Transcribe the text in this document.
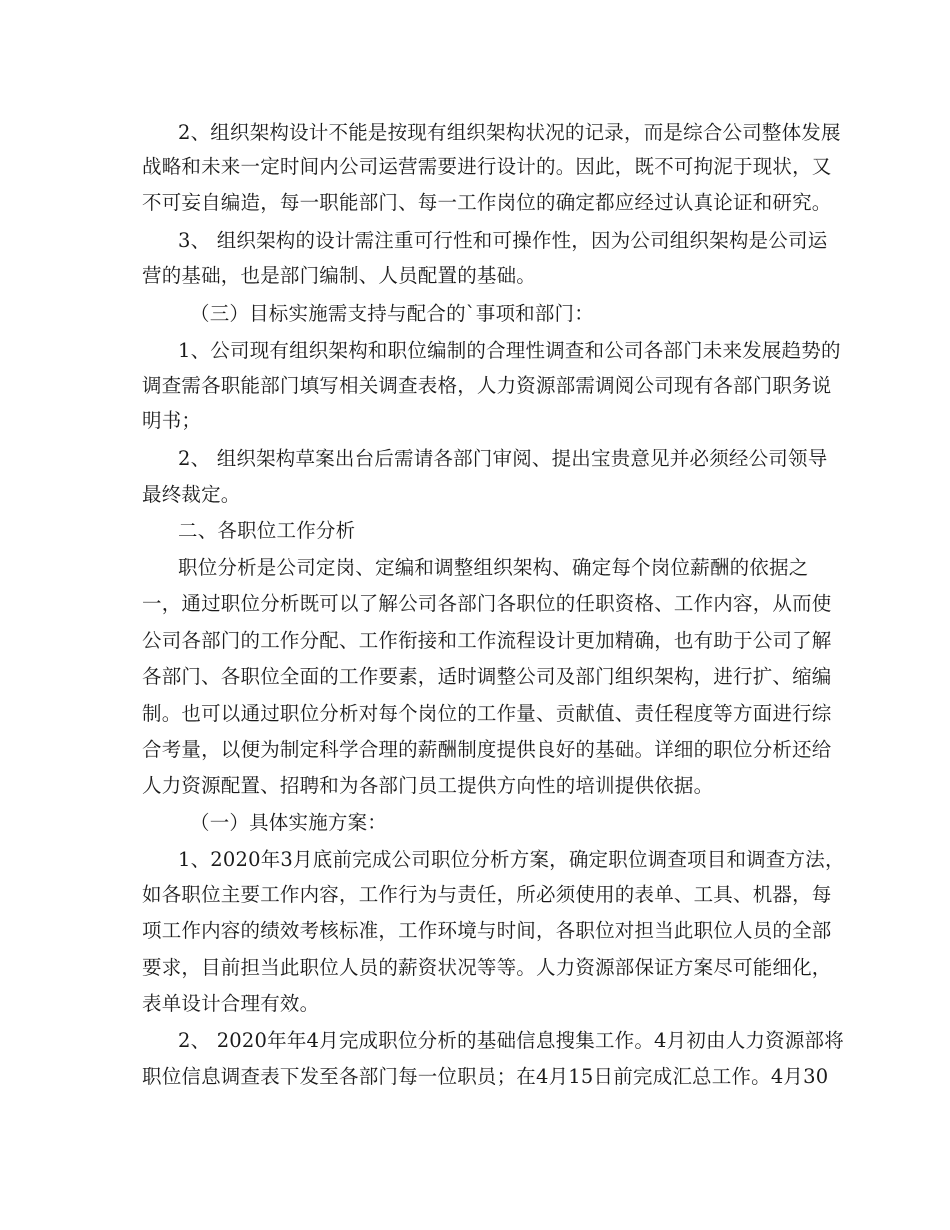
2、组织架构设计不能是按现有组织架构状况的记录，而是综合公司整体发展
战略和未来一定时间内公司运营需要进行设计的。因此，既不可拘泥于现状，又
不可妄自编造，每一职能部门、每一工作岗位的确定都应经过认真论证和研究。
3、 组织架构的设计需注重可行性和可操作性，因为公司组织架构是公司运
营的基础，也是部门编制、人员配置的基础。
（三）目标实施需支持与配合的`事项和部门：
1、公司现有组织架构和职位编制的合理性调查和公司各部门未来发展趋势的
调查需各职能部门填写相关调查表格，人力资源部需调阅公司现有各部门职务说
明书；
2、 组织架构草案出台后需请各部门审阅、提出宝贵意见并必须经公司领导
最终裁定。
二、各职位工作分析
职位分析是公司定岗、定编和调整组织架构、确定每个岗位薪酬的依据之
一，通过职位分析既可以了解公司各部门各职位的任职资格、工作内容，从而使
公司各部门的工作分配、工作衔接和工作流程设计更加精确，也有助于公司了解
各部门、各职位全面的工作要素，适时调整公司及部门组织架构，进行扩、缩编
制。也可以通过职位分析对每个岗位的工作量、贡献值、责任程度等方面进行综
合考量，以便为制定科学合理的薪酬制度提供良好的基础。详细的职位分析还给
人力资源配置、招聘和为各部门员工提供方向性的培训提供依据。
（一）具体实施方案：
1、2020年3月底前完成公司职位分析方案，确定职位调查项目和调查方法，
如各职位主要工作内容，工作行为与责任，所必须使用的表单、工具、机器，每
项工作内容的绩效考核标准，工作环境与时间，各职位对担当此职位人员的全部
要求，目前担当此职位人员的薪资状况等等。人力资源部保证方案尽可能细化，
表单设计合理有效。
2、 2020年年4月完成职位分析的基础信息搜集工作。4月初由人力资源部将
职位信息调查表下发至各部门每一位职员；在4月15日前完成汇总工作。4月30
